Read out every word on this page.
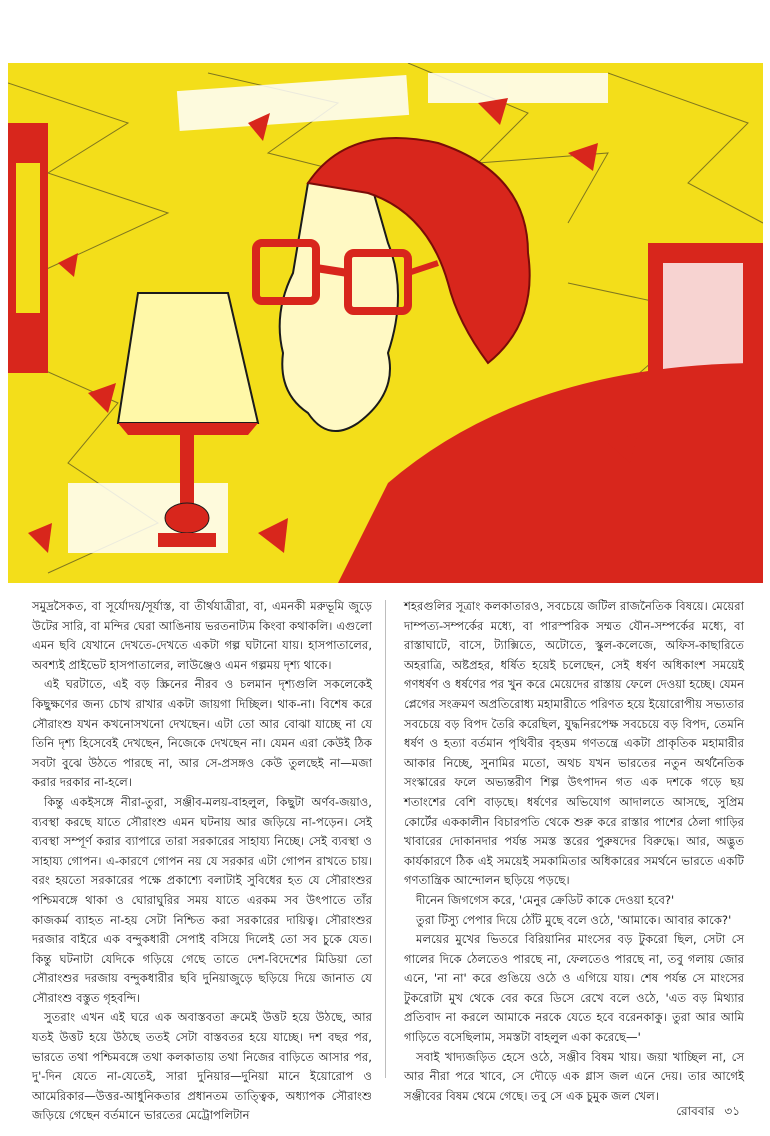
সমুদ্রসৈকত, বা সূর্যোদয়/সূর্যাস্ত, বা তীর্থযাত্রীরা, বা, এমনকী মরুভূমি জুড়ে উটের সারি, বা মন্দির ঘেরা আঙিনায় ভরতনাট্যম কিংবা কথাকলি। এগুলো এমন ছবি যেখানে দেখতে-দেখতে একটা গল্প ঘটানো যায়। হাসপাতালের, অবশ্যই প্রাইভেট হাসপাতালের, লাউঞ্জেও এমন গল্পময় দৃশ্য থাকে।

এই ঘরটাতে, এই বড় স্ক্রিনের নীরব ও চলমান দৃশ্যগুলি সকলেকেই কিছুক্ষণের জন্য চোখ রাখার একটা জায়গা দিচ্ছিল। থাক-না। বিশেষ করে সৌরাংশু যখন কখনোসখনো দেখছেন। এটা তো আর বোঝা যাচ্ছে না যে তিনি দৃশ্য হিসেবেই দেখছেন, নিজেকে দেখছেন না। যেমন এরা কেউই ঠিক সবটা বুঝে উঠতে পারছে না, আর সে-প্রসঙ্গও কেউ তুলছেই না—মজা করার দরকার না-হলে।

কিন্তু একইসঙ্গে নীরা-তুরা, সঞ্জীব-মলয়-বাহলুল, কিছুটা অর্ণব-জয়াও, ব্যবস্থা করছে যাতে সৌরাংশু এমন ঘটনায় আর জড়িয়ে না-পড়েন। সেই ব্যবস্থা সম্পূর্ণ করার ব্যাপারে তারা সরকারের সাহায্য নিচ্ছে। সেই ব্যবস্থা ও সাহায্য গোপন। এ-কারণে গোপন নয় যে সরকার এটা গোপন রাখতে চায়। বরং হয়তো সরকারের পক্ষে প্রকাশ্যে বলাটাই সুবিধের হত যে সৌরাংশুর পশ্চিমবঙ্গে থাকা ও ঘোরাঘুরির সময় যাতে এরকম সব উৎপাতে তাঁর কাজকর্ম ব্যাহত না-হয় সেটা নিশ্চিত করা সরকারের দায়িত্ব। সৌরাংশুর দরজার বাইরে এক বন্দুকধারী সেপাই বসিয়ে দিলেই তো সব চুকে যেত। কিন্তু ঘটনাটা যেদিকে গড়িয়ে গেছে তাতে দেশ-বিদেশের মিডিয়া তো সৌরাংশুর দরজায় বন্দুকধারীর ছবি দুনিয়াজুড়ে ছড়িয়ে দিয়ে জানাত যে সৌরাংশু বস্তুত গৃহবন্দি।

সুতরাং এখন এই ঘরে এক অবাস্তবতা ক্রমেই উত্তট হয়ে উঠছে, আর যতই উত্তট হয়ে উঠছে ততই সেটা বাস্তবতর হয়ে যাচ্ছে। দশ বছর পর, ভারতে তথা পশ্চিমবঙ্গে তথা কলকাতায় তথা নিজের বাড়িতে আসার পর, দু'-দিন যেতে না-যেতেই, সারা দুনিয়ার—দুনিয়া মানে ইয়োরোপ ও আমেরিকার—উত্তর-আধুনিকতার প্রধানতম তাত্ত্বিক, অধ্যাপক সৌরাংশু জড়িয়ে গেছেন বর্তমানে ভারতের মেট্রোপলিটান

শহরগুলির সূত্রাং কলকাতারও, সবচেয়ে জটিল রাজনৈতিক বিষয়ে। মেয়েরা দাম্পত্য-সম্পর্কের মধ্যে, বা পারস্পরিক সম্মত যৌন-সম্পর্কের মধ্যে, বা রাস্তাঘাটে, বাসে, ট্যাক্সিতে, অটোতে, স্কুল-কলেজে, অফিস-কাছারিতে অহরাত্রি, অষ্টপ্রহর, ধর্ষিত হয়েই চলেছেন, সেই ধর্ষণ অধিকাংশ সময়েই গণধর্ষণ ও ধর্ষণের পর খুন করে মেয়েদের রাস্তায় ফেলে দেওয়া হচ্ছে। যেমন প্লেগের সংক্রমণ অপ্রতিরোধ্য মহামারীতে পরিণত হয়ে ইয়োরোপীয় সভ্যতার সবচেয়ে বড় বিপদ তৈরি করেছিল, যুদ্ধনিরপেক্ষ সবচেয়ে বড় বিপদ, তেমনি ধর্ষণ ও হত্যা বর্তমান পৃথিবীর বৃহত্তম গণতন্ত্রে একটা প্রাকৃতিক মহামারীর আকার নিচ্ছে, সুনামির মতো, অথচ যখন ভারতের নতুন অর্থনৈতিক সংস্কারের ফলে অভ্যন্তরীণ শিল্প উৎপাদন গত এক দশকে গড়ে ছয় শতাংশের বেশি বাড়ছে। ধর্ষণের অভিযোগ আদালতে আসছে, সুপ্রিম কোর্টের এককালীন বিচারপতি থেকে শুরু করে রাস্তার পাশের ঠেলা গাড়ির খাবারের দোকানদার পর্যন্ত সমস্ত স্তরের পুরুষদের বিরুদ্ধে। আর, অদ্ভুত কার্যকারণে ঠিক এই সময়েই সমকামিতার অধিকারের সমর্থনে ভারতে একটি গণতান্ত্রিক আন্দোলন ছড়িয়ে পড়ছে।

দীনেন জিগগেস করে, 'মেনুর ক্রেডিট কাকে দেওয়া হবে?'

তুরা টিস্যু পেপার দিয়ে ঠোঁট মুছে বলে ওঠে, 'আমাকে। আবার কাকে?'

মলয়ের মুখের ভিতরে বিরিয়ানির মাংসের বড় টুকরো ছিল, সেটা সে গালের দিকে ঠেলতেও পারছে না, ফেলতেও পারছে না, তবু গলায় জোর এনে, 'না না' করে গুঙিয়ে ওঠে ও এগিয়ে যায়। শেষ পর্যন্ত সে মাংসের টুকরোটা মুখ থেকে বের করে ডিসে রেখে বলে ওঠে, 'এত বড় মিথ্যার প্রতিবাদ না করলে আমাকে নরকে যেতে হবে বরেনকাকু। তুরা আর আমি গাড়িতে বসেছিলাম, সমস্তটা বাহলুল একা করেছে—'

সবাই খাদ্যজড়িত হেসে ওঠে, সঞ্জীব বিষম খায়। জয়া খাচ্ছিল না, সে আর নীরা পরে খাবে, সে দৌড়ে এক গ্লাস জল এনে দেয়। তার আগেই সঞ্জীবের বিষম থেমে গেছে। তবু সে এক চুমুক জল খেল।

রোববার ৩১
